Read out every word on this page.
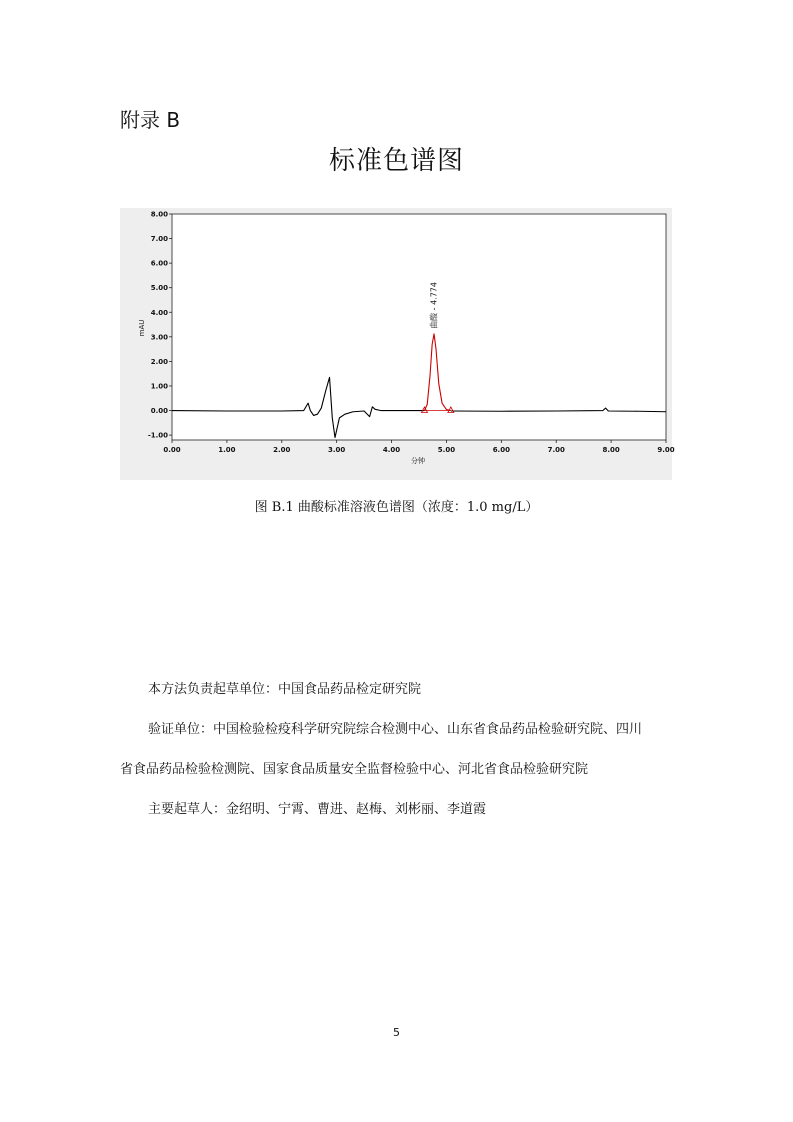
附录 B
标准色谱图
0.00	1.00	2.00	3.00	4.00	5.00	6.00	7.00	8.00	9.00
-1.00
0.00
1.00
2.00
3.00
4.00
5.00
6.00
7.00
8.00
分钟
mAU	曲酸 - 4.774
图 B.1 曲酸标准溶液色谱图（浓度：1.0 mg/L）
本方法负责起草单位：中国食品药品检定研究院
验证单位：中国检验检疫科学研究院综合检测中心、山东省食品药品检验研究院、四川
省食品药品检验检测院、国家食品质量安全监督检验中心、河北省食品检验研究院
主要起草人：金绍明、宁霄、曹进、赵梅、刘彬丽、李道霞
5
